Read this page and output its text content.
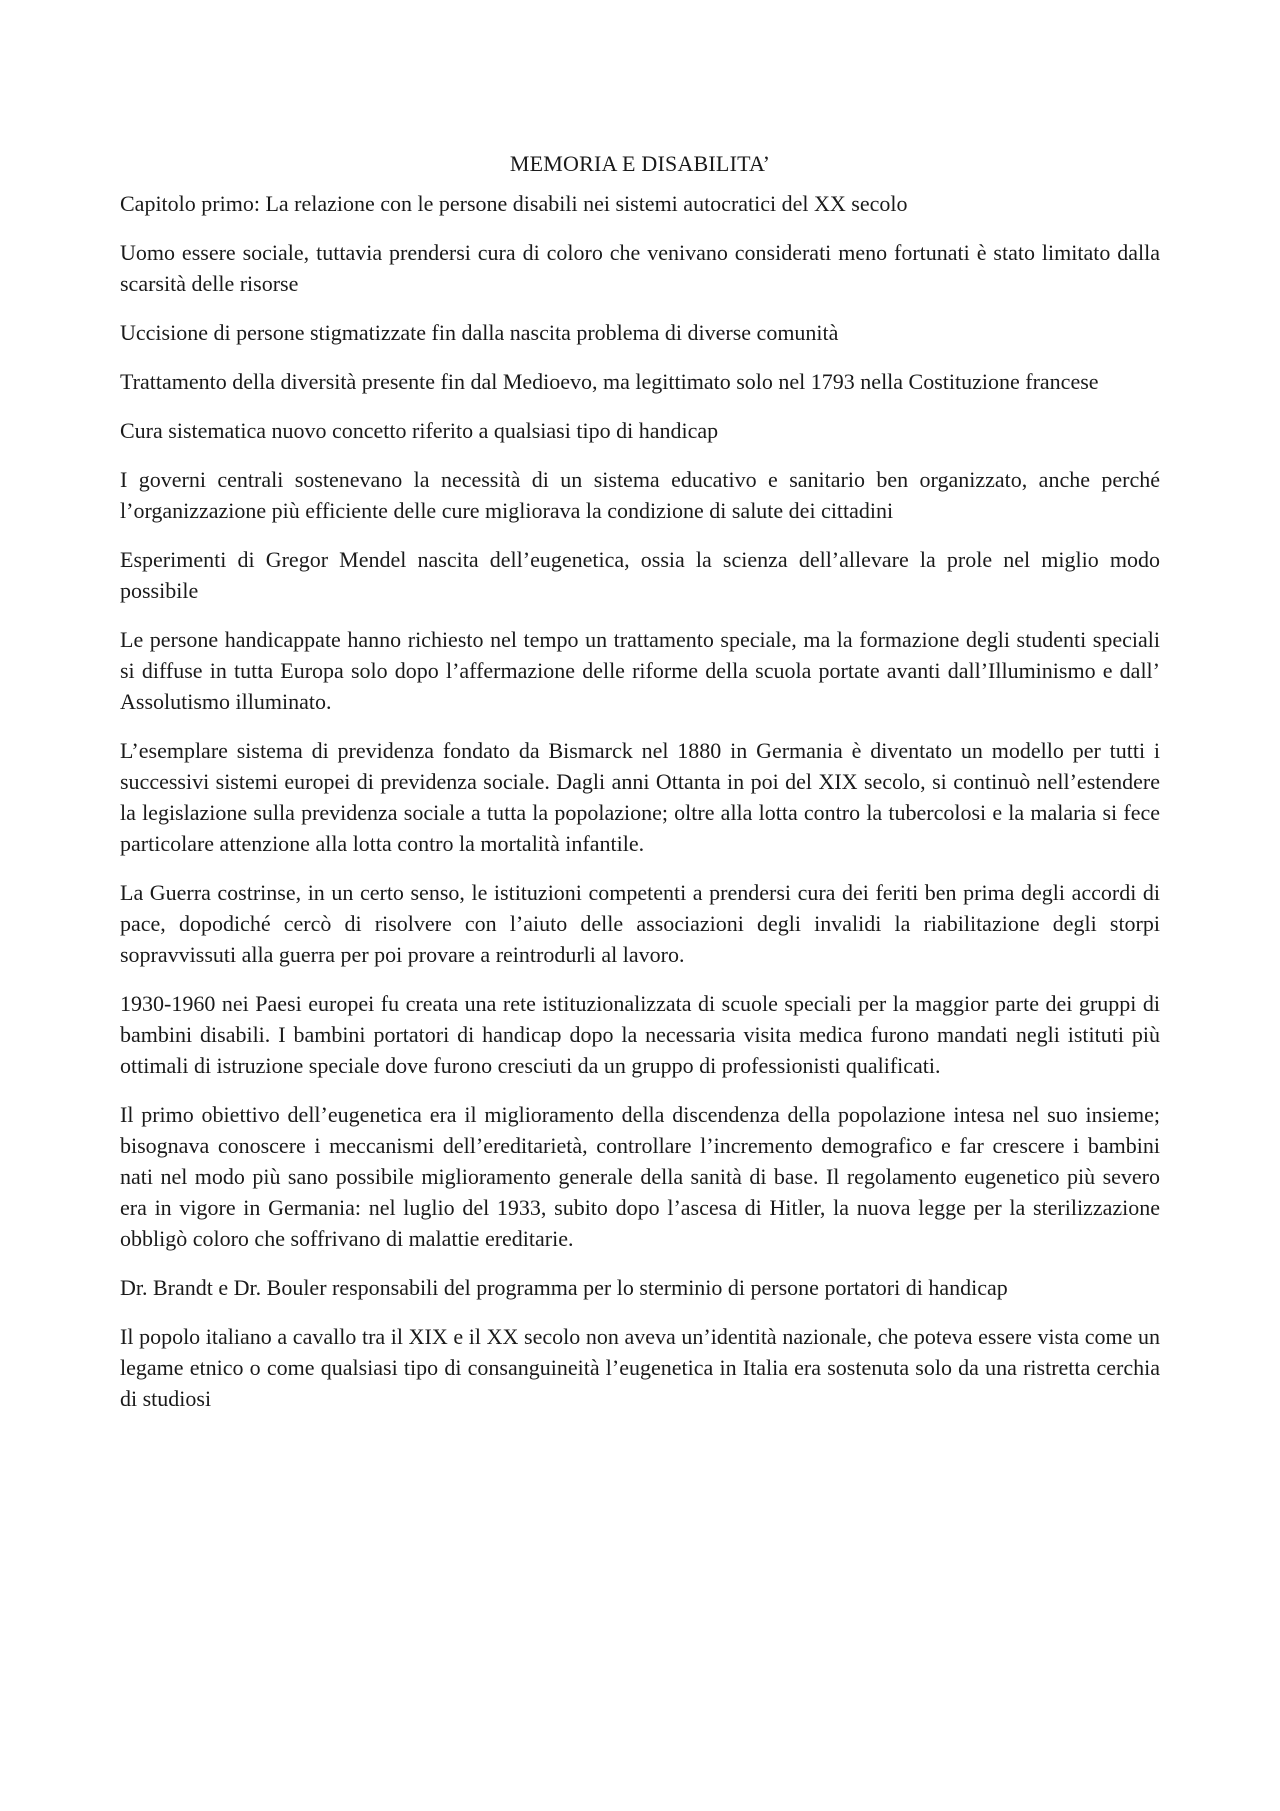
MEMORIA E DISABILITA’

Capitolo primo: La relazione con le persone disabili nei sistemi autocratici del XX secolo

Uomo essere sociale, tuttavia prendersi cura di coloro che venivano considerati meno fortunati è stato limitato dalla scarsità delle risorse

Uccisione di persone stigmatizzate fin dalla nascita problema di diverse comunità

Trattamento della diversità presente fin dal Medioevo, ma legittimato solo nel 1793 nella Costituzione francese

Cura sistematica nuovo concetto riferito a qualsiasi tipo di handicap

I governi centrali sostenevano la necessità di un sistema educativo e sanitario ben organizzato, anche perché l’organizzazione più efficiente delle cure migliorava la condizione di salute dei cittadini

Esperimenti di Gregor Mendel nascita dell’eugenetica, ossia la scienza dell’allevare la prole nel miglio modo possibile

Le persone handicappate hanno richiesto nel tempo un trattamento speciale, ma la formazione degli studenti speciali si diffuse in tutta Europa solo dopo l’affermazione delle riforme della scuola portate avanti dall’Illuminismo e dall’ Assolutismo illuminato.

L’esemplare sistema di previdenza fondato da Bismarck nel 1880 in Germania è diventato un modello per tutti i successivi sistemi europei di previdenza sociale. Dagli anni Ottanta in poi del XIX secolo, si continuò nell’estendere la legislazione sulla previdenza sociale a tutta la popolazione; oltre alla lotta contro la tubercolosi e la malaria si fece particolare attenzione alla lotta contro la mortalità infantile.

La Guerra costrinse, in un certo senso, le istituzioni competenti a prendersi cura dei feriti ben prima degli accordi di pace, dopodiché cercò di risolvere con l’aiuto delle associazioni degli invalidi la riabilitazione degli storpi sopravvissuti alla guerra per poi provare a reintrodurli al lavoro.

1930-1960 nei Paesi europei fu creata una rete istituzionalizzata di scuole speciali per la maggior parte dei gruppi di bambini disabili. I bambini portatori di handicap dopo la necessaria visita medica furono mandati negli istituti più ottimali di istruzione speciale dove furono cresciuti da un gruppo di professionisti qualificati.

Il primo obiettivo dell’eugenetica era il miglioramento della discendenza della popolazione intesa nel suo insieme; bisognava conoscere i meccanismi dell’ereditarietà, controllare l’incremento demografico e far crescere i bambini nati nel modo più sano possibile miglioramento generale della sanità di base. Il regolamento eugenetico più severo era in vigore in Germania: nel luglio del 1933, subito dopo l’ascesa di Hitler, la nuova legge per la sterilizzazione obbligò coloro che soffrivano di malattie ereditarie.

Dr. Brandt e Dr. Bouler responsabili del programma per lo sterminio di persone portatori di handicap

Il popolo italiano a cavallo tra il XIX e il XX secolo non aveva un’identità nazionale, che poteva essere vista come un legame etnico o come qualsiasi tipo di consanguineità l’eugenetica in Italia era sostenuta solo da una ristretta cerchia di studiosi
